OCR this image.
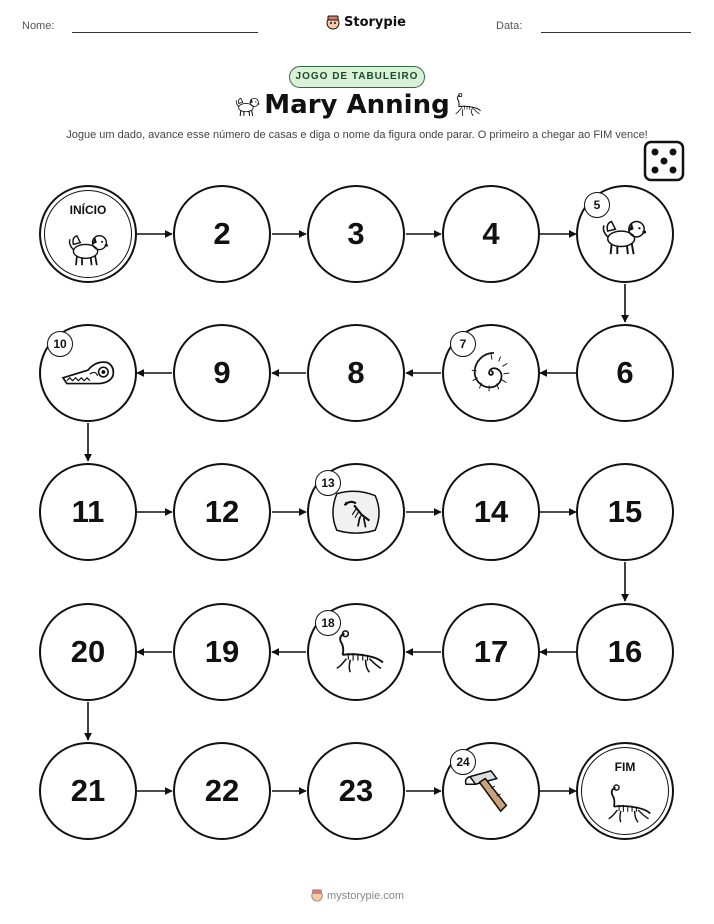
Nome:	Storypie	Data:
JOGO DE TABULEIRO
Mary Anning
Jogue um dado, avance esse número de casas e diga o nome da figura onde parar. O primeiro a chegar ao FIM vence!
INÍCIO
2	3	4
5
10
9	8
7
6
11	12
13
14	15
20	19
18
17	16
21	22	23
24	FIM
mystorypie.com
